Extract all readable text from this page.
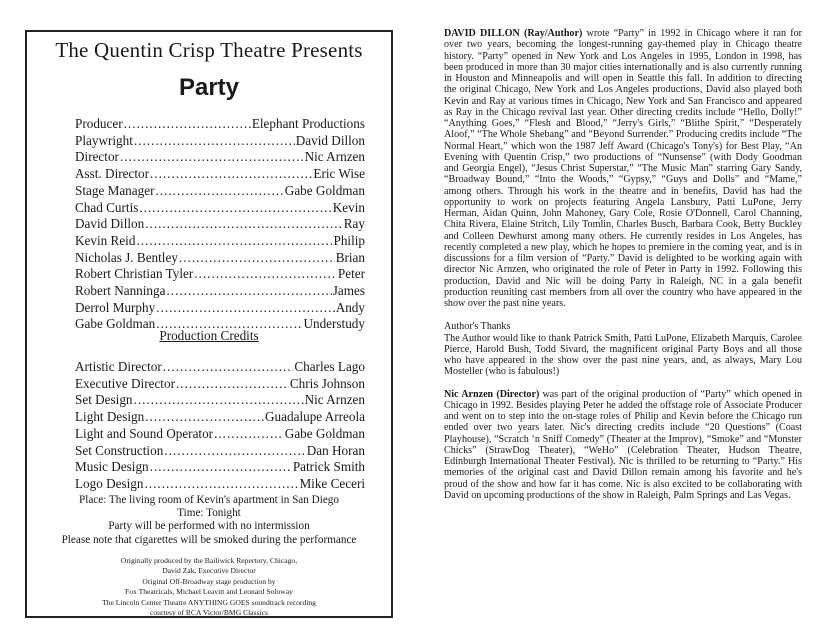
The Quentin Crisp Theatre Presents
Party
Producer .....	Elephant Productions
Playwright .....	David Dillon
Director .....	Nic Arnzen
Asst. Director .....	Eric Wise
Stage Manager .....	Gabe Goldman
Chad Curtis .....	Kevin
David Dillon .....	Ray
Kevin Reid .....	Philip
Nicholas J. Bentley .....	Brian
Robert Christian Tyler .....	Peter
Robert Nanninga .....	James
Derrol Murphy .....	Andy
Gabe Goldman .....	Understudy
Production Credits
Artistic Director .....	Charles Lago
Executive Director .....	Chris Johnson
Set Design .....	Nic Arnzen
Light Design .....	Guadalupe Arreola
Light and Sound Operator .....	Gabe Goldman
Set Construction .....	Dan Horan
Music Design .....	Patrick Smith
Logo Design .....	Mike Ceceri
Place: The living room of Kevin's apartment in San Diego
Time: Tonight
Party will be performed with no intermission
Please note that cigarettes will be smoked during the performance
Originally produced by the Bailiwick Repertory, Chicago,
David Zak, Executive Director
Original Off-Broadway stage production by
Fox Theatricals, Michael Leavitt and Leonard Soloway
The Lincoln Center Theatre ANYTHING GOES soundtrack recording
courtesy of RCA Victor/BMG Classics

DAVID DILLON (Ray/Author) wrote “Party” in 1992 in Chicago where it ran for over two years, becoming the longest-running gay-themed play in Chicago theatre history. “Party” opened in New York and Los Angeles in 1995, London in 1998, has been produced in more than 30 major cities internationally and is also currently running in Houston and Minneapolis and will open in Seattle this fall. In addition to directing the original Chicago, New York and Los Angeles productions, David also played both Kevin and Ray at various times in Chicago, New York and San Francisco and appeared as Ray in the Chicago revival last year. Other directing credits include “Hello, Dolly!” “Anything Goes,” “Flesh and Blood,” “Jerry's Girls,” “Blithe Spirit,” “Desperately Aloof,” “The Whole Shebang” and “Beyond Surrender.” Producing credits include “The Normal Heart,” which won the 1987 Jeff Award (Chicago's Tony's) for Best Play, “An Evening with Quentin Crisp,” two productions of “Nunsense” (with Dody Goodman and Georgia Engel), “Jesus Christ Superstar,” “The Music Man” starring Gary Sandy, “Broadway Bound,” “Into the Woods,” “Gypsy,” “Guys and Dolls” and “Mame,” among others. Through his work in the theatre and in benefits, David has had the opportunity to work on projects featuring Angela Lansbury, Patti LuPone, Jerry Herman, Aidan Quinn, John Mahoney, Gary Cole, Rosie O'Donnell, Carol Channing, Chita Rivera, Elaine Stritch, Lily Tomlin, Charles Busch, Barbara Cook, Betty Buckley and Colleen Dewhurst among many others. He currently resides in Los Angeles, has recently completed a new play, which he hopes to premiere in the coming year, and is in discussions for a film version of “Party.” David is delighted to be working again with director Nic Arnzen, who originated the role of Peter in Party in 1992. Following this production, David and Nic will be doing Party in Raleigh, NC in a gala benefit production reuniting cast members from all over the country who have appeared in the show over the past nine years.

Author's Thanks

The Author would like to thank Patrick Smith, Patti LuPone, Elizabeth Marquis, Carolee Pierce, Harold Bush, Todd Sivard, the magnificent original Party Boys and all those who have appeared in the show over the past nine years, and, as always, Mary Lou Mosteller (who is fabulous!)

Nic Arnzen (Director) was part of the original production of “Party” which opened in Chicago in 1992. Besides playing Peter he added the offstage role of Associate Producer and went on to step into the on-stage roles of Philip and Kevin before the Chicago run ended over two years later. Nic's directing credits include “20 Questions” (Coast Playhouse), “Scratch ‘n Sniff Comedy” (Theater at the Improv), “Smoke” and “Monster Chicks” (StrawDog Theater), “WeHo” (Celebration Theater, Hudson Theatre, Edinburgh International Theater Festival). Nic is thrilled to be returning to “Party.” His memories of the original cast and David Dillon remain among his favorite and he's proud of the show and how far it has come. Nic is also excited to be collaborating with David on upcoming productions of the show in Raleigh, Palm Springs and Las Vegas.
